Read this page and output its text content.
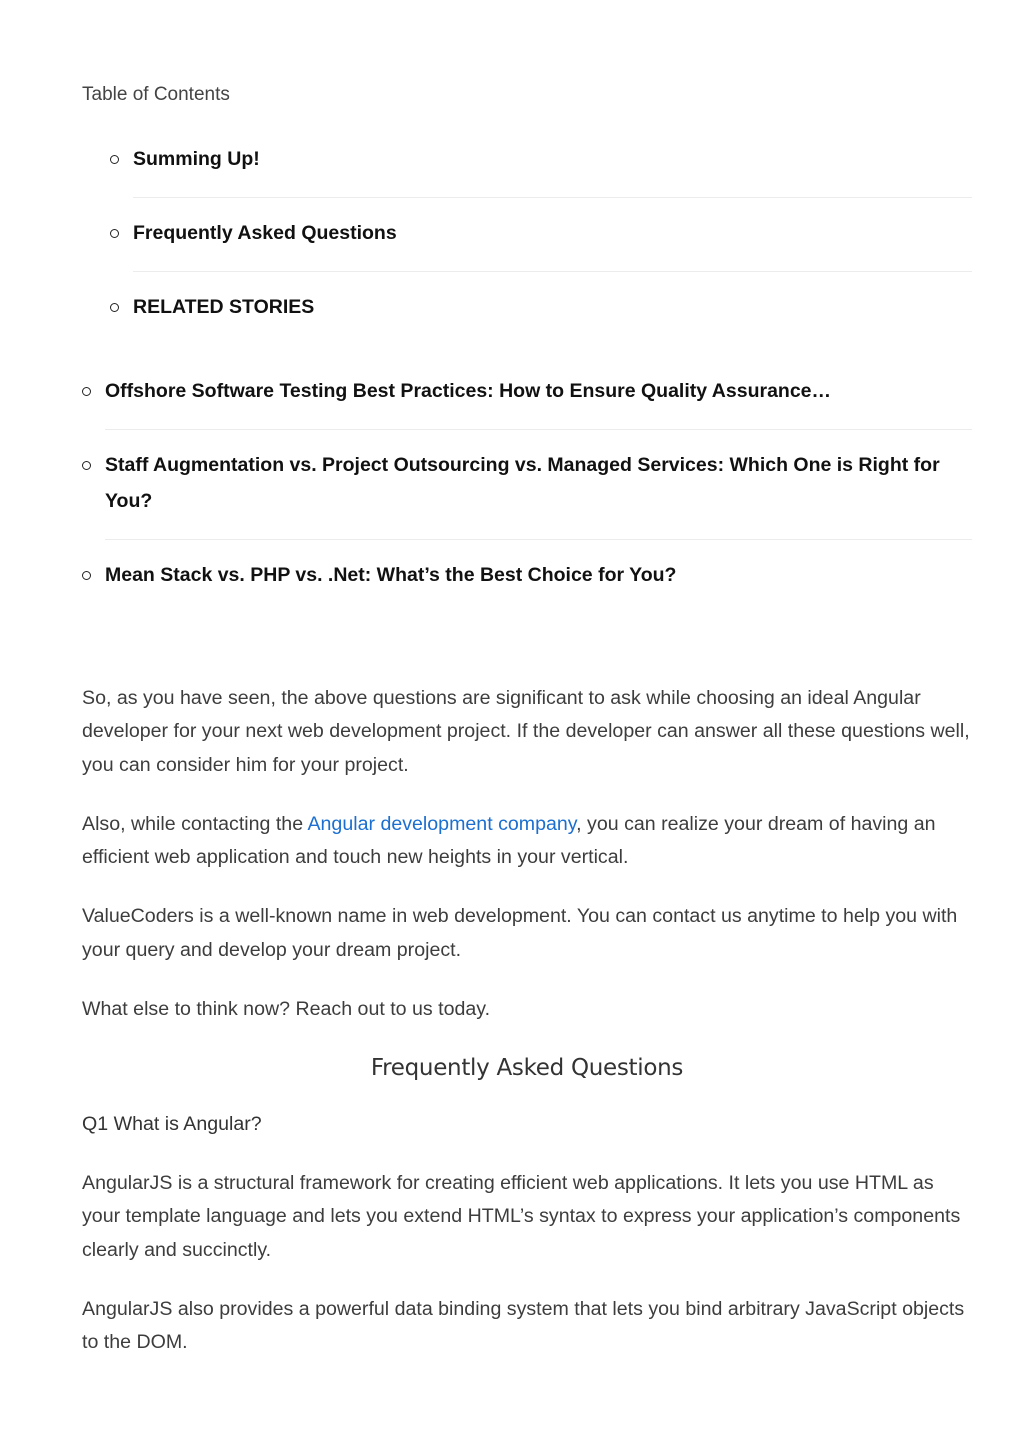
Table of Contents
Summing Up!
Frequently Asked Questions
RELATED STORIES
Offshore Software Testing Best Practices: How to Ensure Quality Assurance…
Staff Augmentation vs. Project Outsourcing vs. Managed Services: Which One is Right for You?
Mean Stack vs. PHP vs. .Net: What’s the Best Choice for You?

So, as you have seen, the above questions are significant to ask while choosing an ideal Angular developer for your next web development project. If the developer can answer all these questions well, you can consider him for your project.

Also, while contacting the Angular development company, you can realize your dream of having an efficient web application and touch new heights in your vertical.

ValueCoders is a well-known name in web development. You can contact us anytime to help you with your query and develop your dream project.

What else to think now? Reach out to us today.

Frequently Asked Questions
Q1 What is Angular?

AngularJS is a structural framework for creating efficient web applications. It lets you use HTML as your template language and lets you extend HTML’s syntax to express your application’s components clearly and succinctly.

AngularJS also provides a powerful data binding system that lets you bind arbitrary JavaScript objects to the DOM.
